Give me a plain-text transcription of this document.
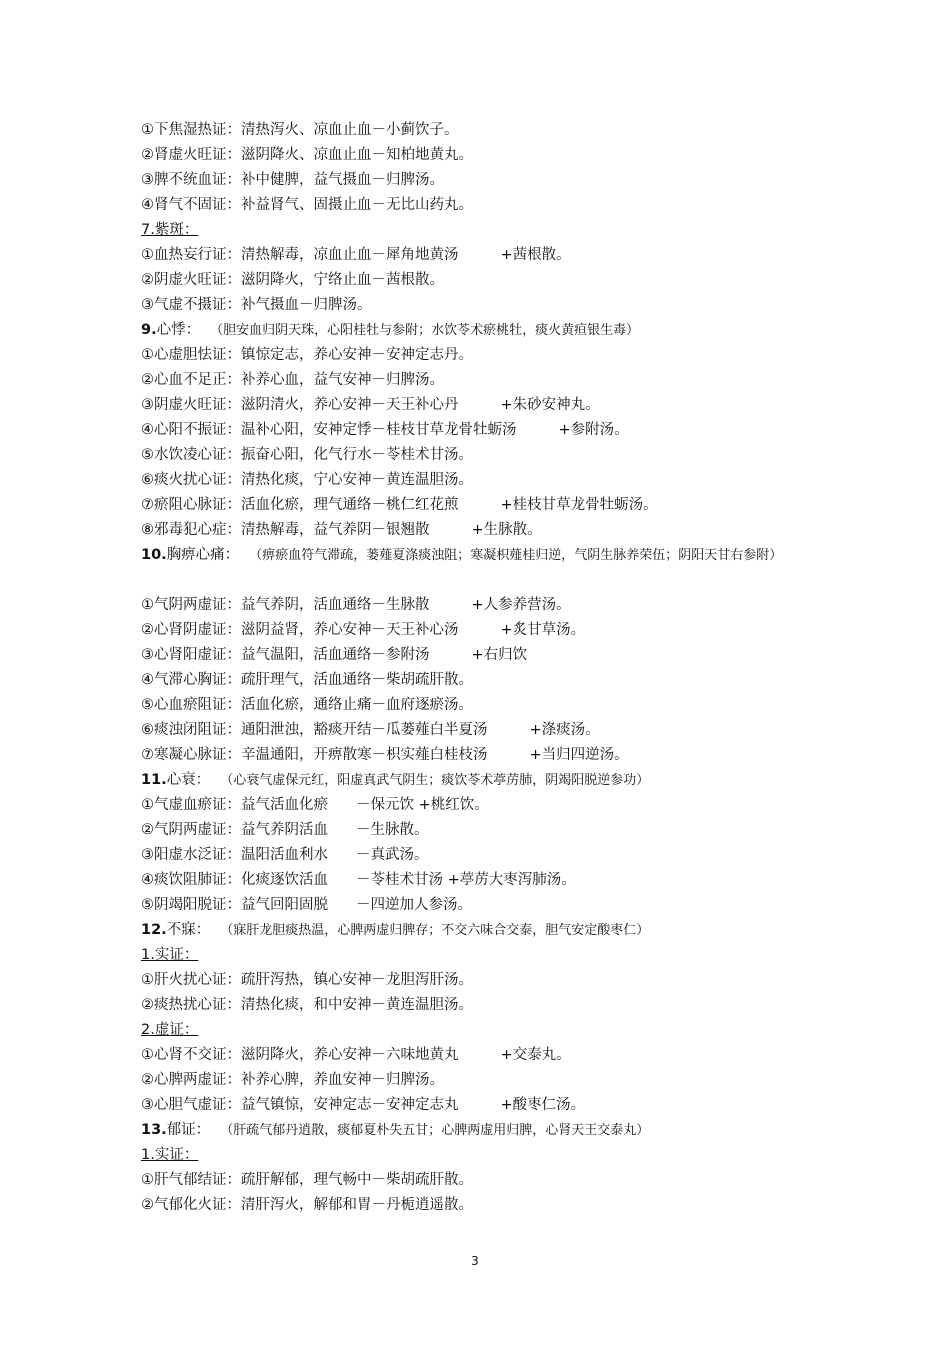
①下焦湿热证：清热泻火、凉血止血－小蓟饮子。
②肾虚火旺证：滋阴降火、凉血止血－知柏地黄丸。
③脾不统血证：补中健脾，益气摄血－归脾汤。
④肾气不固证：补益肾气、固摄止血－无比山药丸。
7.紫斑：
①血热妄行证：清热解毒，凉血止血－犀角地黄汤	+茜根散。
②阴虚火旺证：滋阴降火，宁络止血－茜根散。
③气虚不摄证：补气摄血－归脾汤。
9.心悸： （胆安血归阴天珠，心阳桂牡与参附；水饮苓术瘀桃牡，痰火黄疸银生毒）
①心虚胆怯证：镇惊定志，养心安神－安神定志丹。
②心血不足正：补养心血，益气安神－归脾汤。
③阴虚火旺证：滋阴清火，养心安神－天王补心丹	+朱砂安神丸。
④心阳不振证：温补心阳，安神定悸－桂枝甘草龙骨牡蛎汤	+参附汤。
⑤水饮凌心证：振奋心阳，化气行水－苓桂术甘汤。
⑥痰火扰心证：清热化痰，宁心安神－黄连温胆汤。
⑦瘀阻心脉证：活血化瘀，理气通络－桃仁红花煎	+桂枝甘草龙骨牡蛎汤。
⑧邪毒犯心症：清热解毒，益气养阴－银翘散	+生脉散。
10.胸痹心痛： （痹瘀血符气滞疏，蒌薤夏涤痰浊阻；寒凝枳薤桂归逆，气阴生脉养荣伍；阴阳天甘右参附）
①气阴两虚证：益气养阴，活血通络－生脉散	+人参养营汤。
②心肾阴虚证：滋阴益肾，养心安神－天王补心汤	+炙甘草汤。
③心肾阳虚证：益气温阳，活血通络－参附汤	+右归饮
④气滞心胸证：疏肝理气，活血通络－柴胡疏肝散。
⑤心血瘀阻证：活血化瘀，通络止痛－血府逐瘀汤。
⑥痰浊闭阻证：通阳泄浊，豁痰开结－瓜蒌薤白半夏汤	+涤痰汤。
⑦寒凝心脉证：辛温通阳，开痹散寒－枳实薤白桂枝汤	+当归四逆汤。
11.心衰： （心衰气虚保元红，阳虚真武气阴生；痰饮苓术葶苈肺，阴竭阳脱逆参功）
①气虚血瘀证：益气活血化瘀 －保元饮 +桃红饮。
②气阴两虚证：益气养阴活血 －生脉散。
③阳虚水泛证：温阳活血利水 －真武汤。
④痰饮阻肺证：化痰逐饮活血 －苓桂术甘汤 +葶苈大枣泻肺汤。
⑤阴竭阳脱证：益气回阳固脱 －四逆加人参汤。
12.不寐： （寐肝龙胆痰热温，心脾两虚归脾存；不交六味合交泰，胆气安定酸枣仁）
1.实证：
①肝火扰心证：疏肝泻热，镇心安神－龙胆泻肝汤。
②痰热扰心证：清热化痰，和中安神－黄连温胆汤。
2.虚证：
①心肾不交证：滋阴降火，养心安神－六味地黄丸	+交泰丸。
②心脾两虚证：补养心脾，养血安神－归脾汤。
③心胆气虚证：益气镇惊，安神定志－安神定志丸	+酸枣仁汤。
13.郁证： （肝疏气郁丹逍散，痰郁夏朴失五甘；心脾两虚用归脾，心肾天王交泰丸）
1.实证：
①肝气郁结证：疏肝解郁，理气畅中－柴胡疏肝散。
②气郁化火证：清肝泻火，解郁和胃－丹栀逍遥散。
3
